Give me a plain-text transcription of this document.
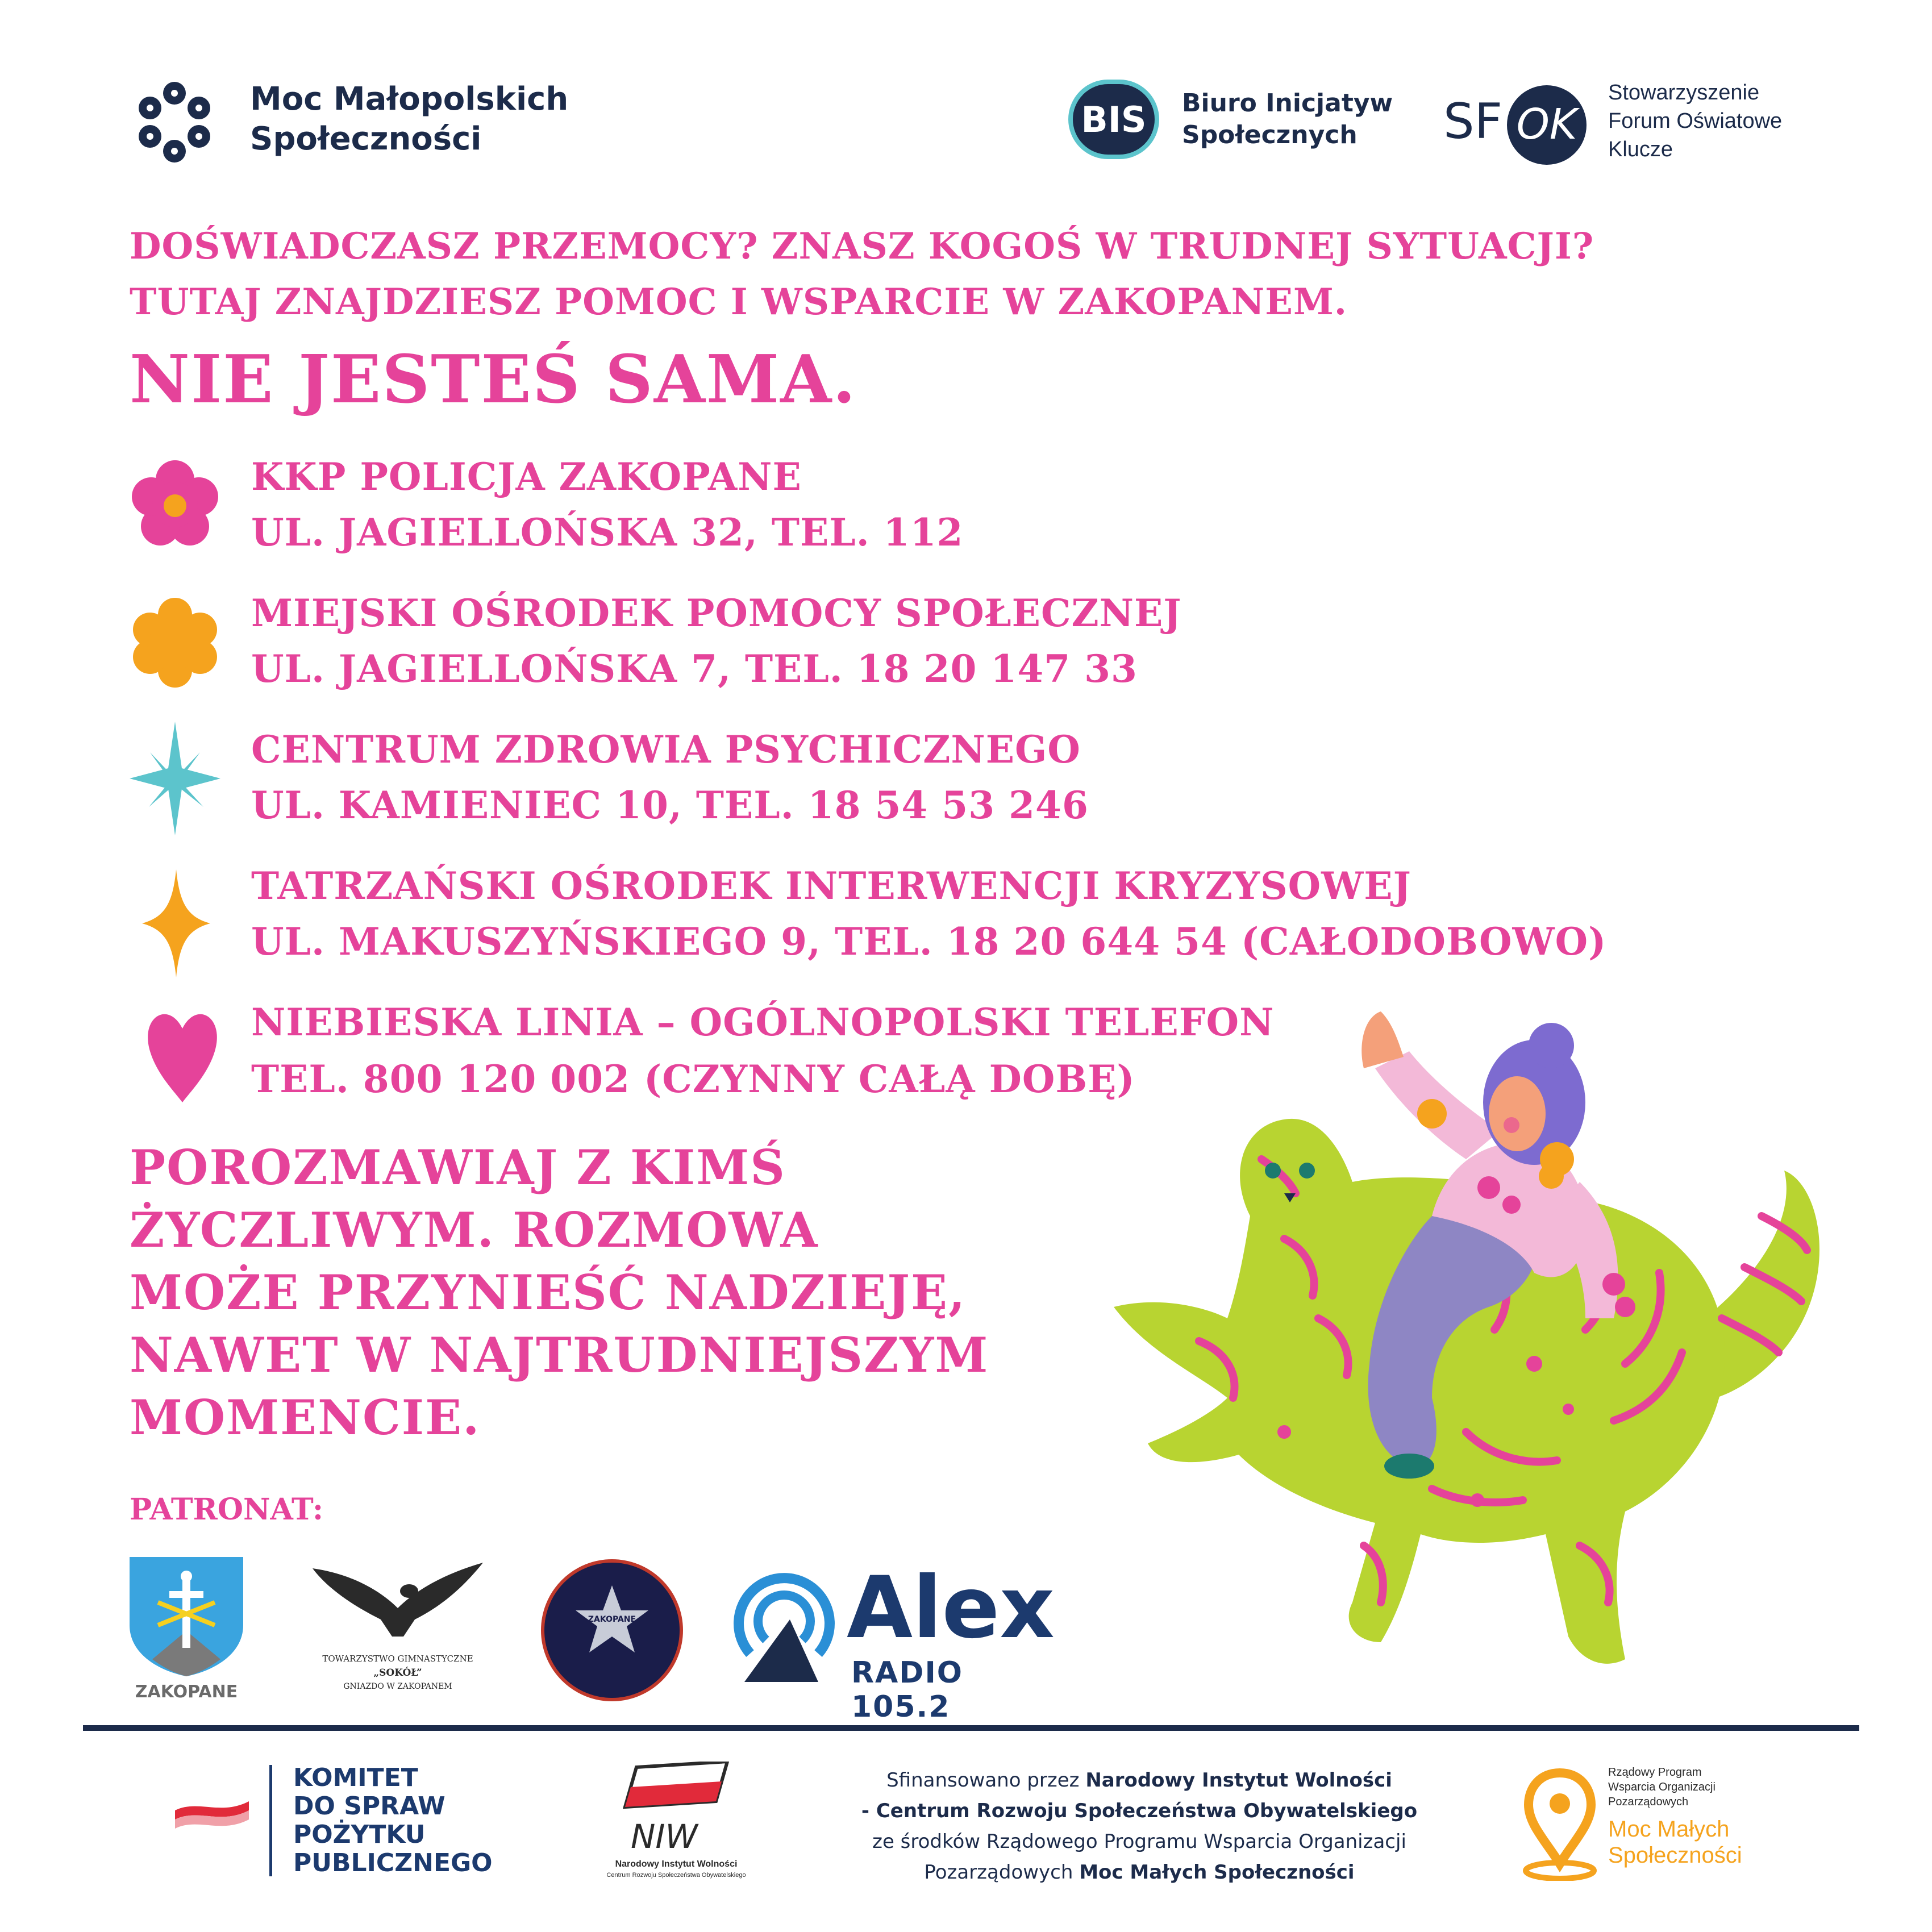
Moc Małopolskich
Społeczności	BIS	Biuro Inicjatyw
Społecznych SF OK
Stowarzyszenie
Forum Oświatowe
Klucze
DOŚWIADCZASZ PRZEMOCY? ZNASZ KOGOŚ W TRUDNEJ SYTUACJI?
TUTAJ ZNAJDZIESZ POMOC I WSPARCIE W ZAKOPANEM.
NIE JESTEŚ SAMA.
KKP POLICJA ZAKOPANE
UL. JAGIELLOŃSKA 32, TEL. 112
MIEJSKI OŚRODEK POMOCY SPOŁECZNEJ
UL. JAGIELLOŃSKA 7, TEL. 18 20 147 33
CENTRUM ZDROWIA PSYCHICZNEGO
UL. KAMIENIEC 10, TEL. 18 54 53 246
TATRZAŃSKI OŚRODEK INTERWENCJI KRYZYSOWEJ
UL. MAKUSZYŃSKIEGO 9, TEL. 18 20 644 54 (CAŁODOBOWO)
NIEBIESKA LINIA – OGÓLNOPOLSKI TELEFON
TEL. 800 120 002 (CZYNNY CAŁĄ DOBĘ)
POROZMAWIAJ Z KIMŚ
ŻYCZLIWYM. ROZMOWA
MOŻE PRZYNIEŚĆ NADZIEJĘ,
NAWET W NAJTRUDNIEJSZYM
MOMENCIE.
PATRONAT:
ZAKOPANE
TOWARZYSTWO GIMNASTYCZNE
„SOKÓŁ”
GNIAZDO W ZAKOPANEM
ZAKOPANE	Alex
RADIO 105.2
KOMITET
DO SPRAW
POŻYTKU
PUBLICZNEGO
NIW
Narodowy Instytut Wolności
Centrum Rozwoju Społeczeństwa Obywatelskiego
Sfinansowano przez Narodowy Instytut Wolności
- Centrum Rozwoju Społeczeństwa Obywatelskiego
ze środków Rządowego Programu Wsparcia Organizacji
Pozarządowych Moc Małych Społeczności
Rządowy Program
Wsparcia Organizacji
Pozarządowych
Moc Małych
Społeczności
